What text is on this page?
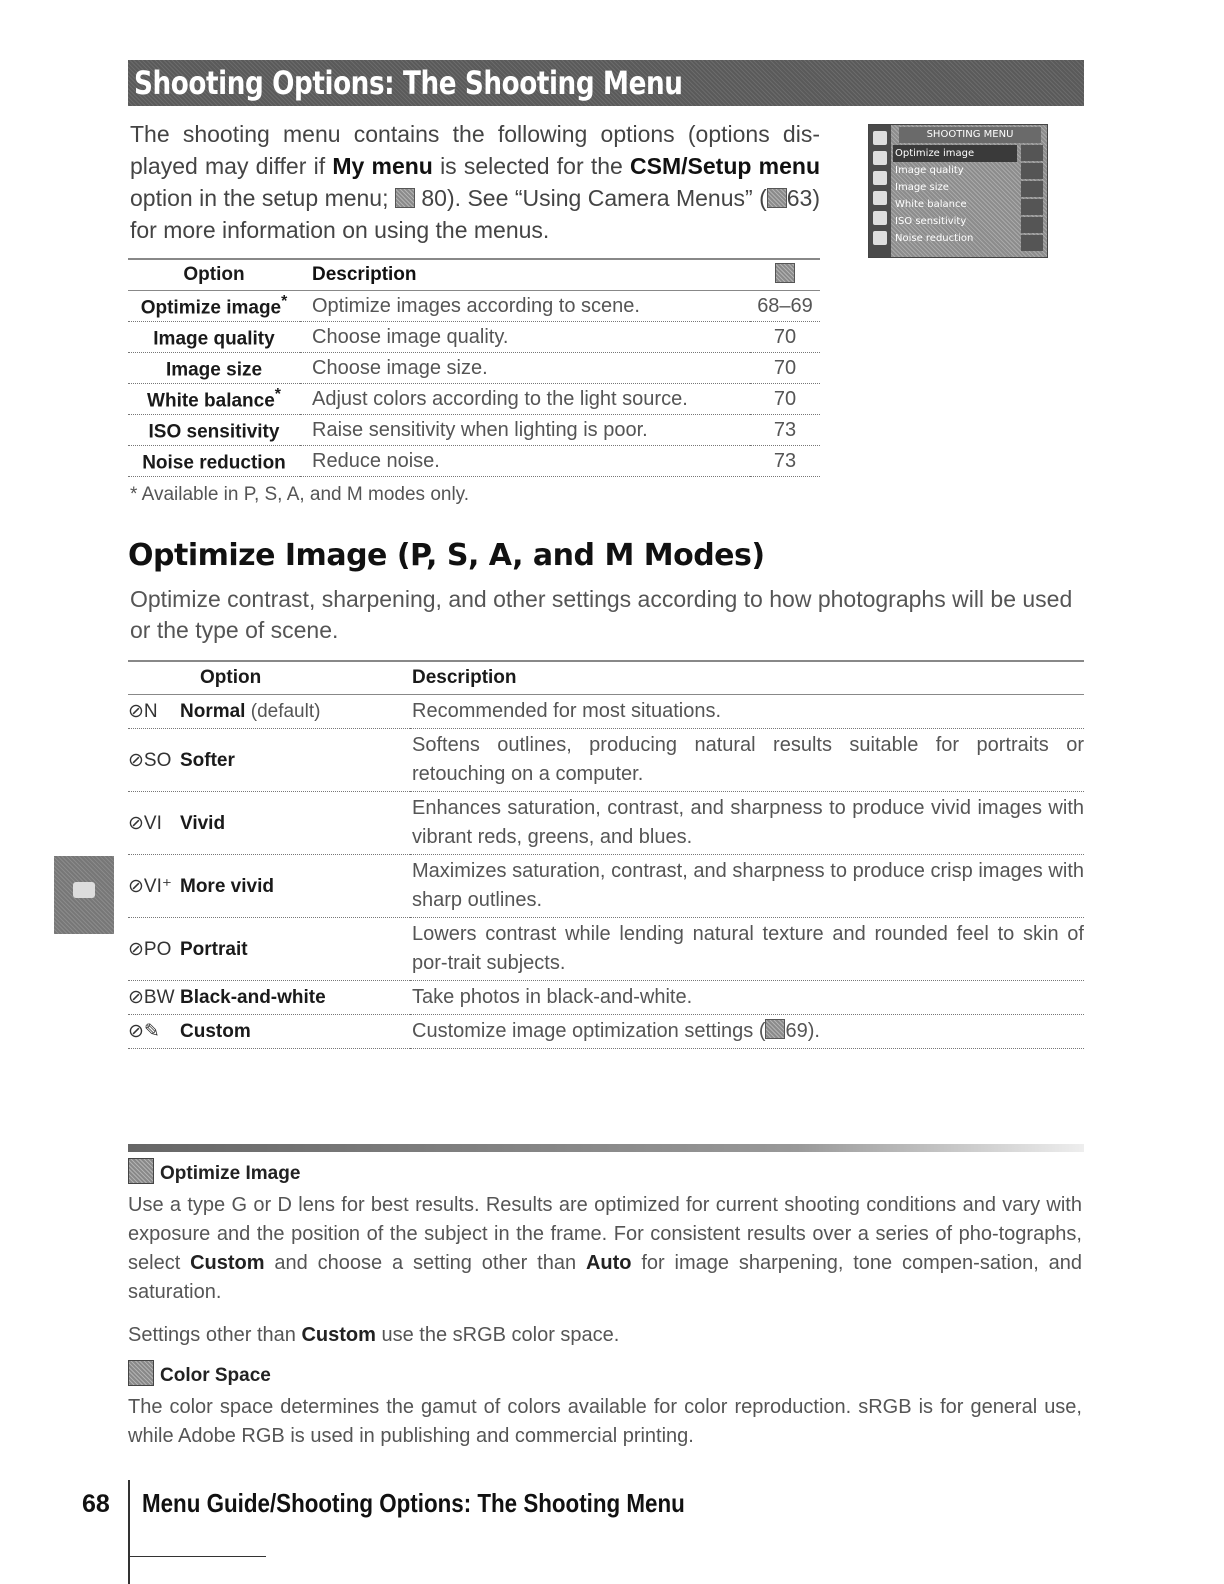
Shooting Options: The Shooting Menu
The shooting menu contains the following options (options dis-played may differ if My menu is selected for the CSM/Setup menu option in the setup menu;  80). See “Using Camera Menus” ( 63) for more information on using the menus.
SHOOTING MENU
Optimize image
Image quality
Image size
White balance
ISO sensitivity
Noise reduction
Option	Description	
Optimize image*	Optimize images according to scene.	68–69
Image quality	Choose image quality.	70
Image size	Choose image size.	70
White balance*	Adjust colors according to the light source.	70
ISO sensitivity	Raise sensitivity when lighting is poor.	73
Noise reduction	Reduce noise.	73
* Available in P, S, A, and M modes only.
Optimize Image (P, S, A, and M Modes)
Optimize contrast, sharpening, and other settings according to how photographs will be used or the type of scene.
Option	Description
⊘N Normal (default)	Recommended for most situations.
⊘SO Softer	Softens outlines, producing natural results suitable for portraits or retouching on a computer.
⊘VI Vivid	Enhances saturation, contrast, and sharpness to produce vivid images with vibrant reds, greens, and blues.
⊘VI⁺ More vivid	Maximizes saturation, contrast, and sharpness to produce crisp images with sharp outlines.
⊘PO Portrait	Lowers contrast while lending natural texture and rounded feel to skin of por-trait subjects.
⊘BW Black-and-white	Take photos in black-and-white.
⊘✎ Custom	Customize image optimization settings ( 69).
Optimize Image

Use a type G or D lens for best results. Results are optimized for current shooting conditions and vary with exposure and the position of the subject in the frame. For consistent results over a series of pho-tographs, select Custom and choose a setting other than Auto for image sharpening, tone compen-sation, and saturation.

Settings other than Custom use the sRGB color space.

Color Space

The color space determines the gamut of colors available for color reproduction. sRGB is for general use, while Adobe RGB is used in publishing and commercial printing.

68 Menu Guide/Shooting Options: The Shooting Menu
